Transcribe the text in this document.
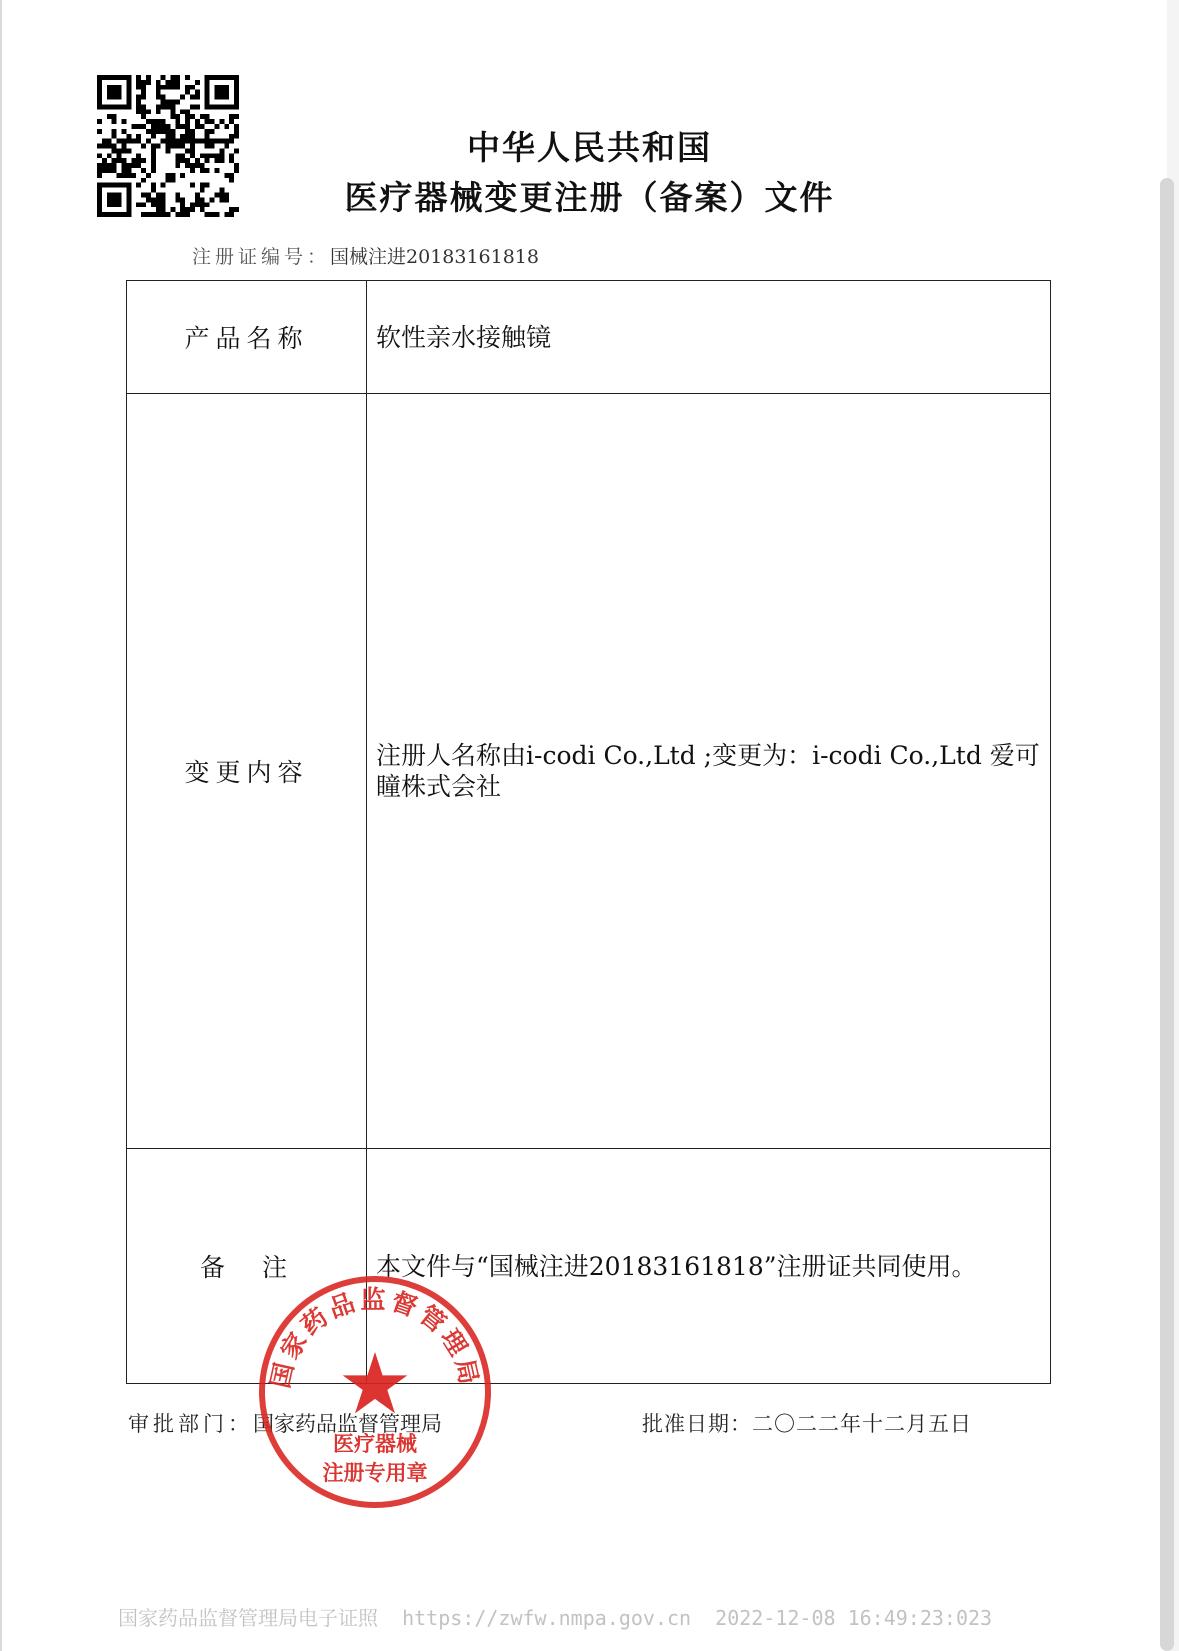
中华人民共和国
医疗器械变更注册（备案）文件
注册证编号：国械注进20183161818
产品名称	软性亲水接触镜
变更内容	注册人名称由i-codi Co.,Ltd ;变更为：i-codi Co.,Ltd 爱可瞳株式会社
备　注	本文件与“国械注进20183161818”注册证共同使用。
审批部门：国家药品监督管理局	批准日期：二〇二二年十二月五日
国家药品监督管理局
医疗器械
注册专用章
国家药品监督管理局电子证照  https://zwfw.nmpa.gov.cn  2022-12-08 16:49:23:023
